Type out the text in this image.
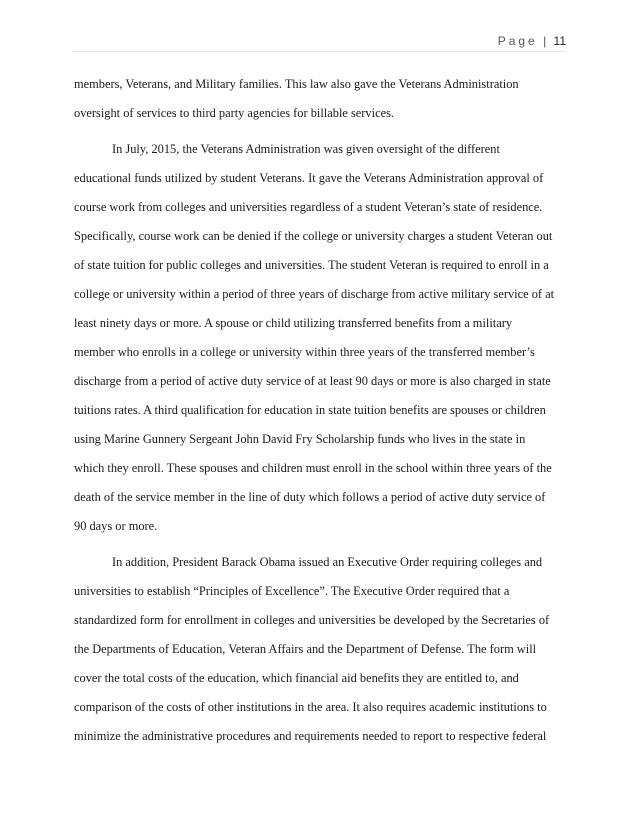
Page | 11

members, Veterans, and Military families. This law also gave the Veterans Administration
oversight of services to third party agencies for billable services.

In July, 2015, the Veterans Administration was given oversight of the different
educational funds utilized by student Veterans. It gave the Veterans Administration approval of
course work from colleges and universities regardless of a student Veteran’s state of residence.
Specifically, course work can be denied if the college or university charges a student Veteran out
of state tuition for public colleges and universities. The student Veteran is required to enroll in a
college or university within a period of three years of discharge from active military service of at
least ninety days or more. A spouse or child utilizing transferred benefits from a military
member who enrolls in a college or university within three years of the transferred member’s
discharge from a period of active duty service of at least 90 days or more is also charged in state
tuitions rates. A third qualification for education in state tuition benefits are spouses or children
using Marine Gunnery Sergeant John David Fry Scholarship funds who lives in the state in
which they enroll. These spouses and children must enroll in the school within three years of the
death of the service member in the line of duty which follows a period of active duty service of
90 days or more.

In addition, President Barack Obama issued an Executive Order requiring colleges and
universities to establish “Principles of Excellence”. The Executive Order required that a
standardized form for enrollment in colleges and universities be developed by the Secretaries of
the Departments of Education, Veteran Affairs and the Department of Defense. The form will
cover the total costs of the education, which financial aid benefits they are entitled to, and
comparison of the costs of other institutions in the area. It also requires academic institutions to
minimize the administrative procedures and requirements needed to report to respective federal
